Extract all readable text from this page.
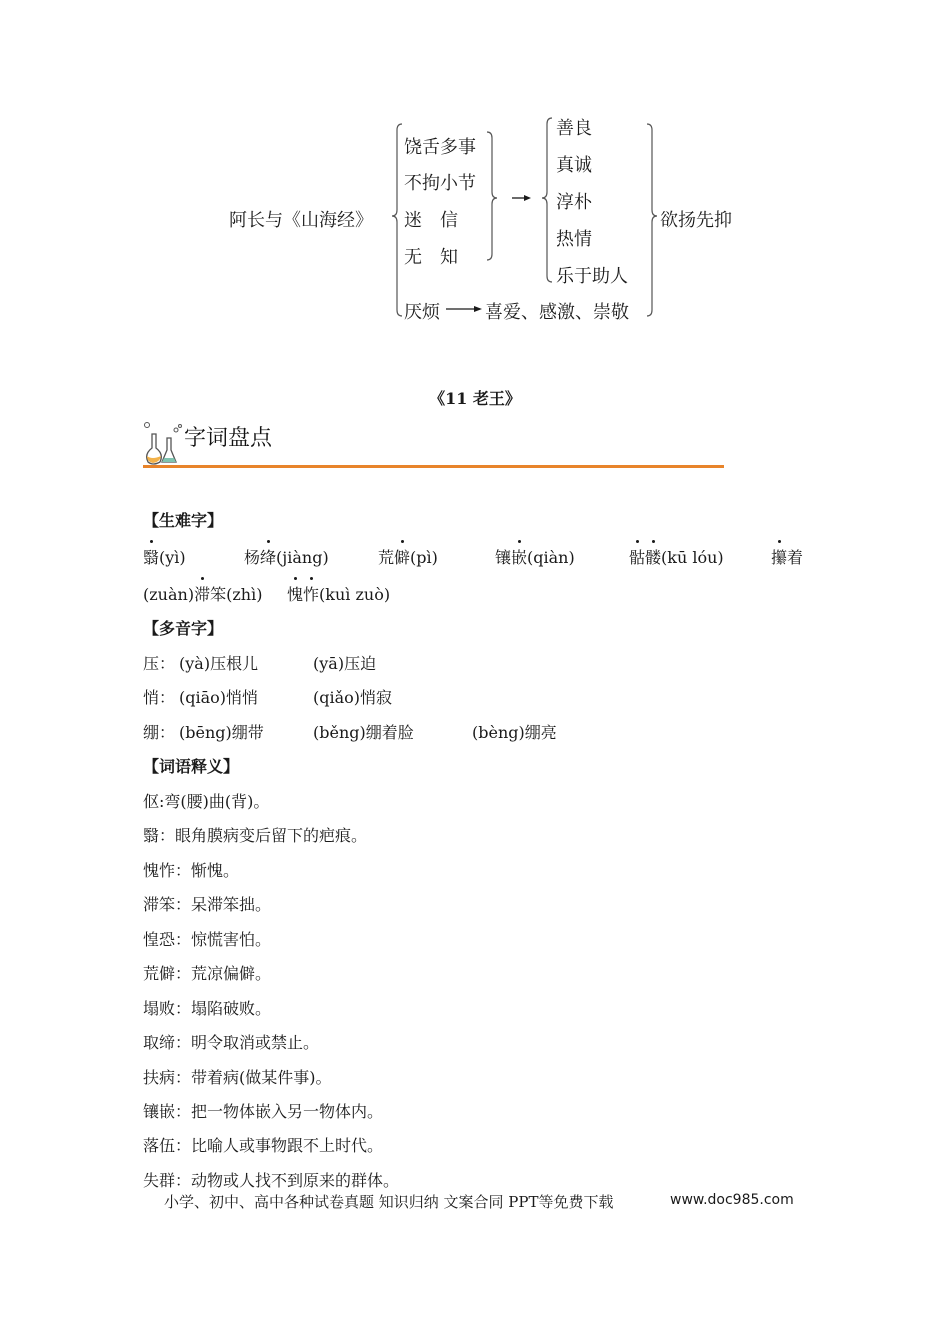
阿长与《山海经》
饶舌多事
不拘小节
迷　信
无　知
善良
真诚
淳朴
热情
乐于助人
欲扬先抑
厌烦	喜爱、感激、崇敬
《11 老王》
字词盘点
【生难字】
翳(yì)	杨绛(jiàng)	荒僻(pì)	镶嵌(qiàn)	骷髅(kū lóu)	攥着
(zuàn)滞笨(zhì) 愧怍(kuì zuò)
【多音字】
压： (yà)压根儿	(yā)压迫
悄： (qiāo)悄悄	(qiǎo)悄寂
绷： (bēng)绷带	(běng)绷着脸	(bèng)绷亮
【词语释义】
伛:弯(腰)曲(背)。
翳：眼角膜病变后留下的疤痕。
愧怍：惭愧。
滞笨：呆滞笨拙。
惶恐：惊慌害怕。
荒僻：荒凉偏僻。
塌败：塌陷破败。
取缔：明令取消或禁止。
扶病：带着病(做某件事)。
镶嵌：把一物体嵌入另一物体内。
落伍：比喻人或事物跟不上时代。
失群：动物或人找不到原来的群体。
小学、初中、高中各种试卷真题 知识归纳 文案合同 PPT等免费下载	www.doc985.com
